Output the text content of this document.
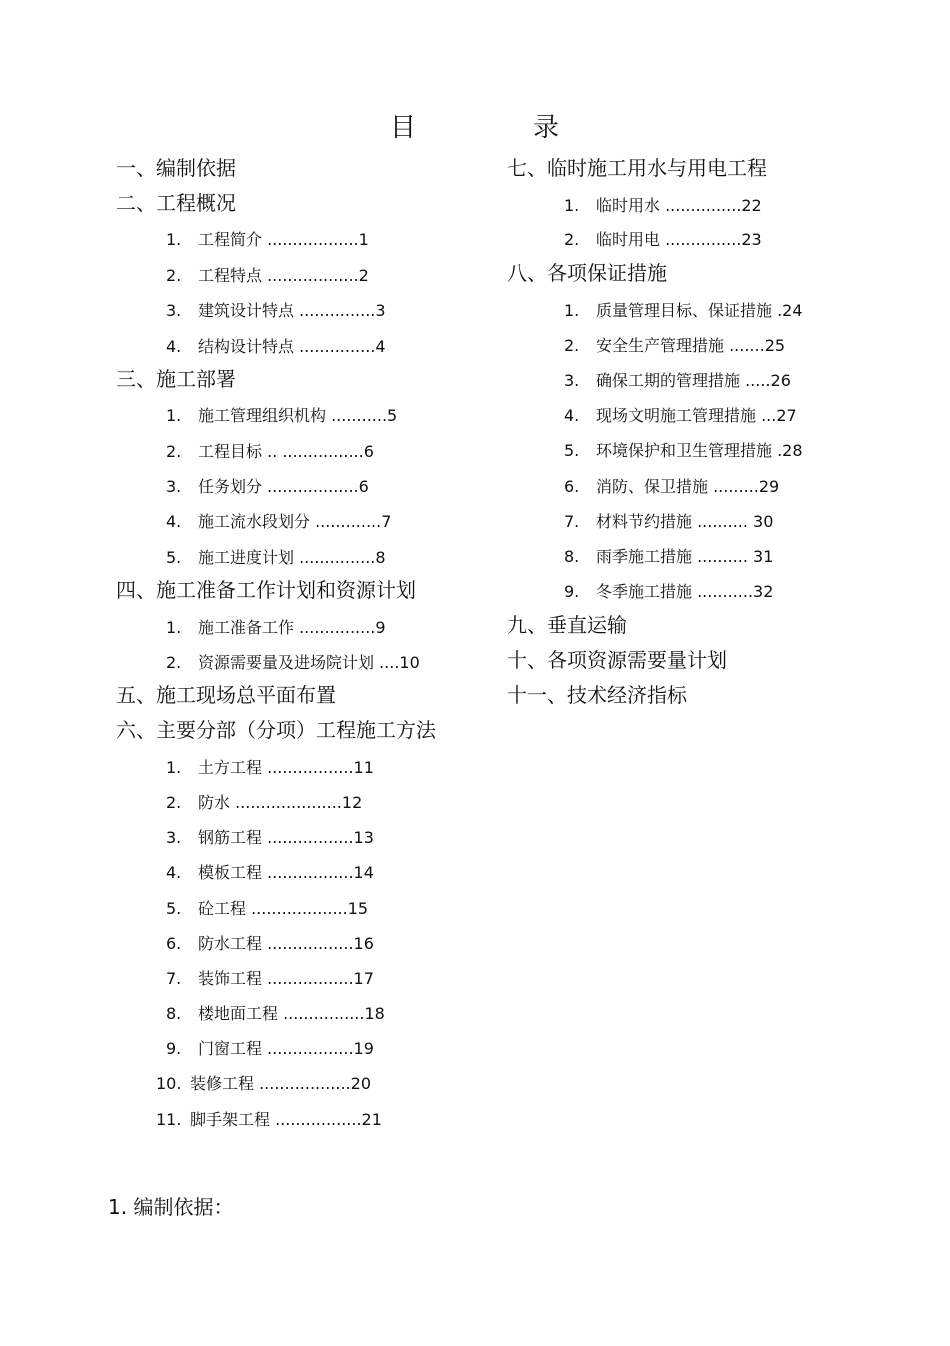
目	录
一、编制依据
二、工程概况
1. 工程简介 ..................1
2. 工程特点 ..................2
3. 建筑设计特点 ...............3
4. 结构设计特点 ...............4
三、施工部署
1. 施工管理组织机构 ...........5
2. 工程目标 .. ................6
3. 任务划分 ..................6
4. 施工流水段划分 .............7
5. 施工进度计划 ...............8
四、施工准备工作计划和资源计划
1. 施工准备工作 ...............9
2. 资源需要量及进场院计划 ....10
五、施工现场总平面布置
六、主要分部（分项）工程施工方法
1. 土方工程 .................11
2. 防水 .....................12
3. 钢筋工程 .................13
4. 模板工程 .................14
5. 砼工程 ...................15
6. 防水工程 .................16
7. 装饰工程 .................17
8. 楼地面工程 ................18
9. 门窗工程 .................19
10. 装修工程 ..................20
11. 脚手架工程 .................21
七、临时施工用水与用电工程
1. 临时用水 ...............22
2. 临时用电 ...............23
八、各项保证措施
1. 质量管理目标、保证措施 .24
2. 安全生产管理措施 .......25
3. 确保工期的管理措施 .....26
4. 现场文明施工管理措施 ...27
5. 环境保护和卫生管理措施 .28
6. 消防、保卫措施 .........29
7. 材料节约措施 .......... 30
8. 雨季施工措施 .......... 31
9. 冬季施工措施 ...........32
九、垂直运输
十、各项资源需要量计划
十一、技术经济指标
1. 编制依据：
